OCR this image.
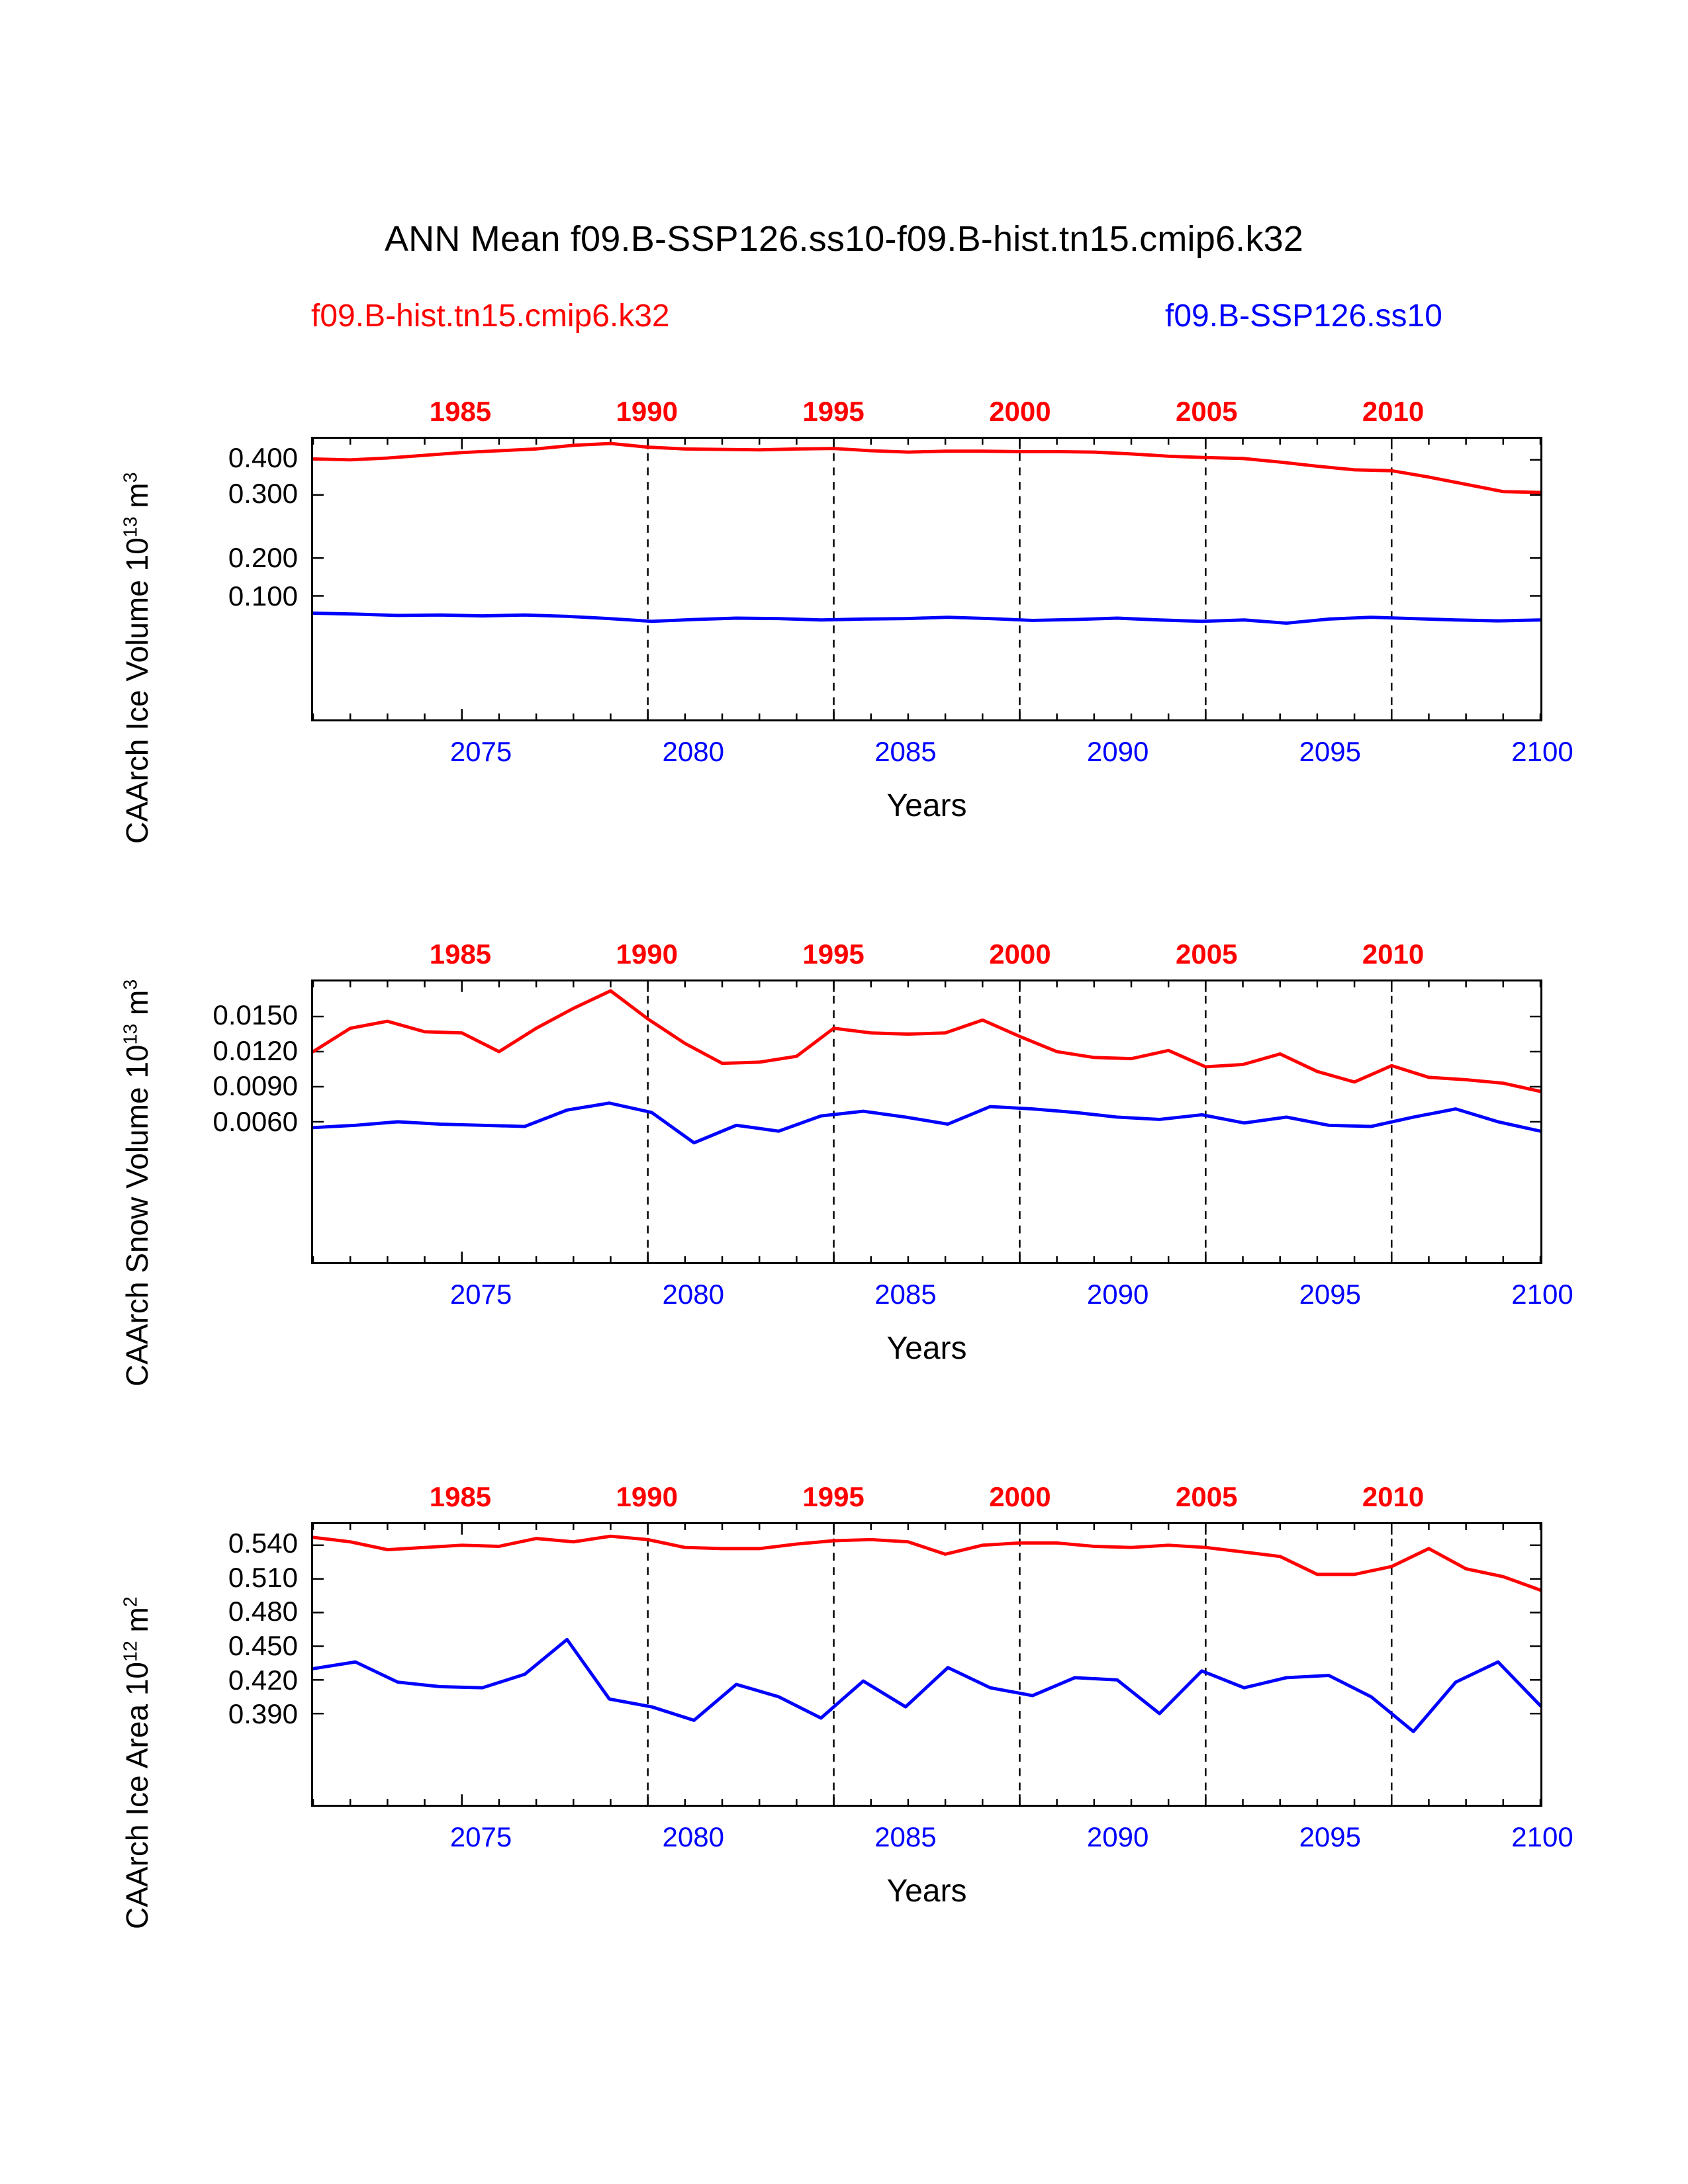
ANN Mean f09.B-SSP126.ss10-f09.B-hist.tn15.cmip6.k32
f09.B-hist.tn15.cmip6.k32	f09.B-SSP126.ss10
1985	1990	1995	2000	2005	2010
2075	2080	2085	2090	2095	2100
0.400
0.300
0.200
0.100
Years
CAArch Ice Volume $10^{13}$ $m^3$
1985	1990	1995	2000	2005	2010
2075	2080	2085	2090	2095	2100
0.0150
0.0120
0.0090
0.0060
Years
CAArch Snow Volume $10^{13}$ $m^3$
1985	1990	1995	2000	2005	2010
2075	2080	2085	2090	2095	2100
0.540
0.510
0.480
0.450
0.420
0.390
Years
CAArch Ice Area $10^{12}$ $m^2$
